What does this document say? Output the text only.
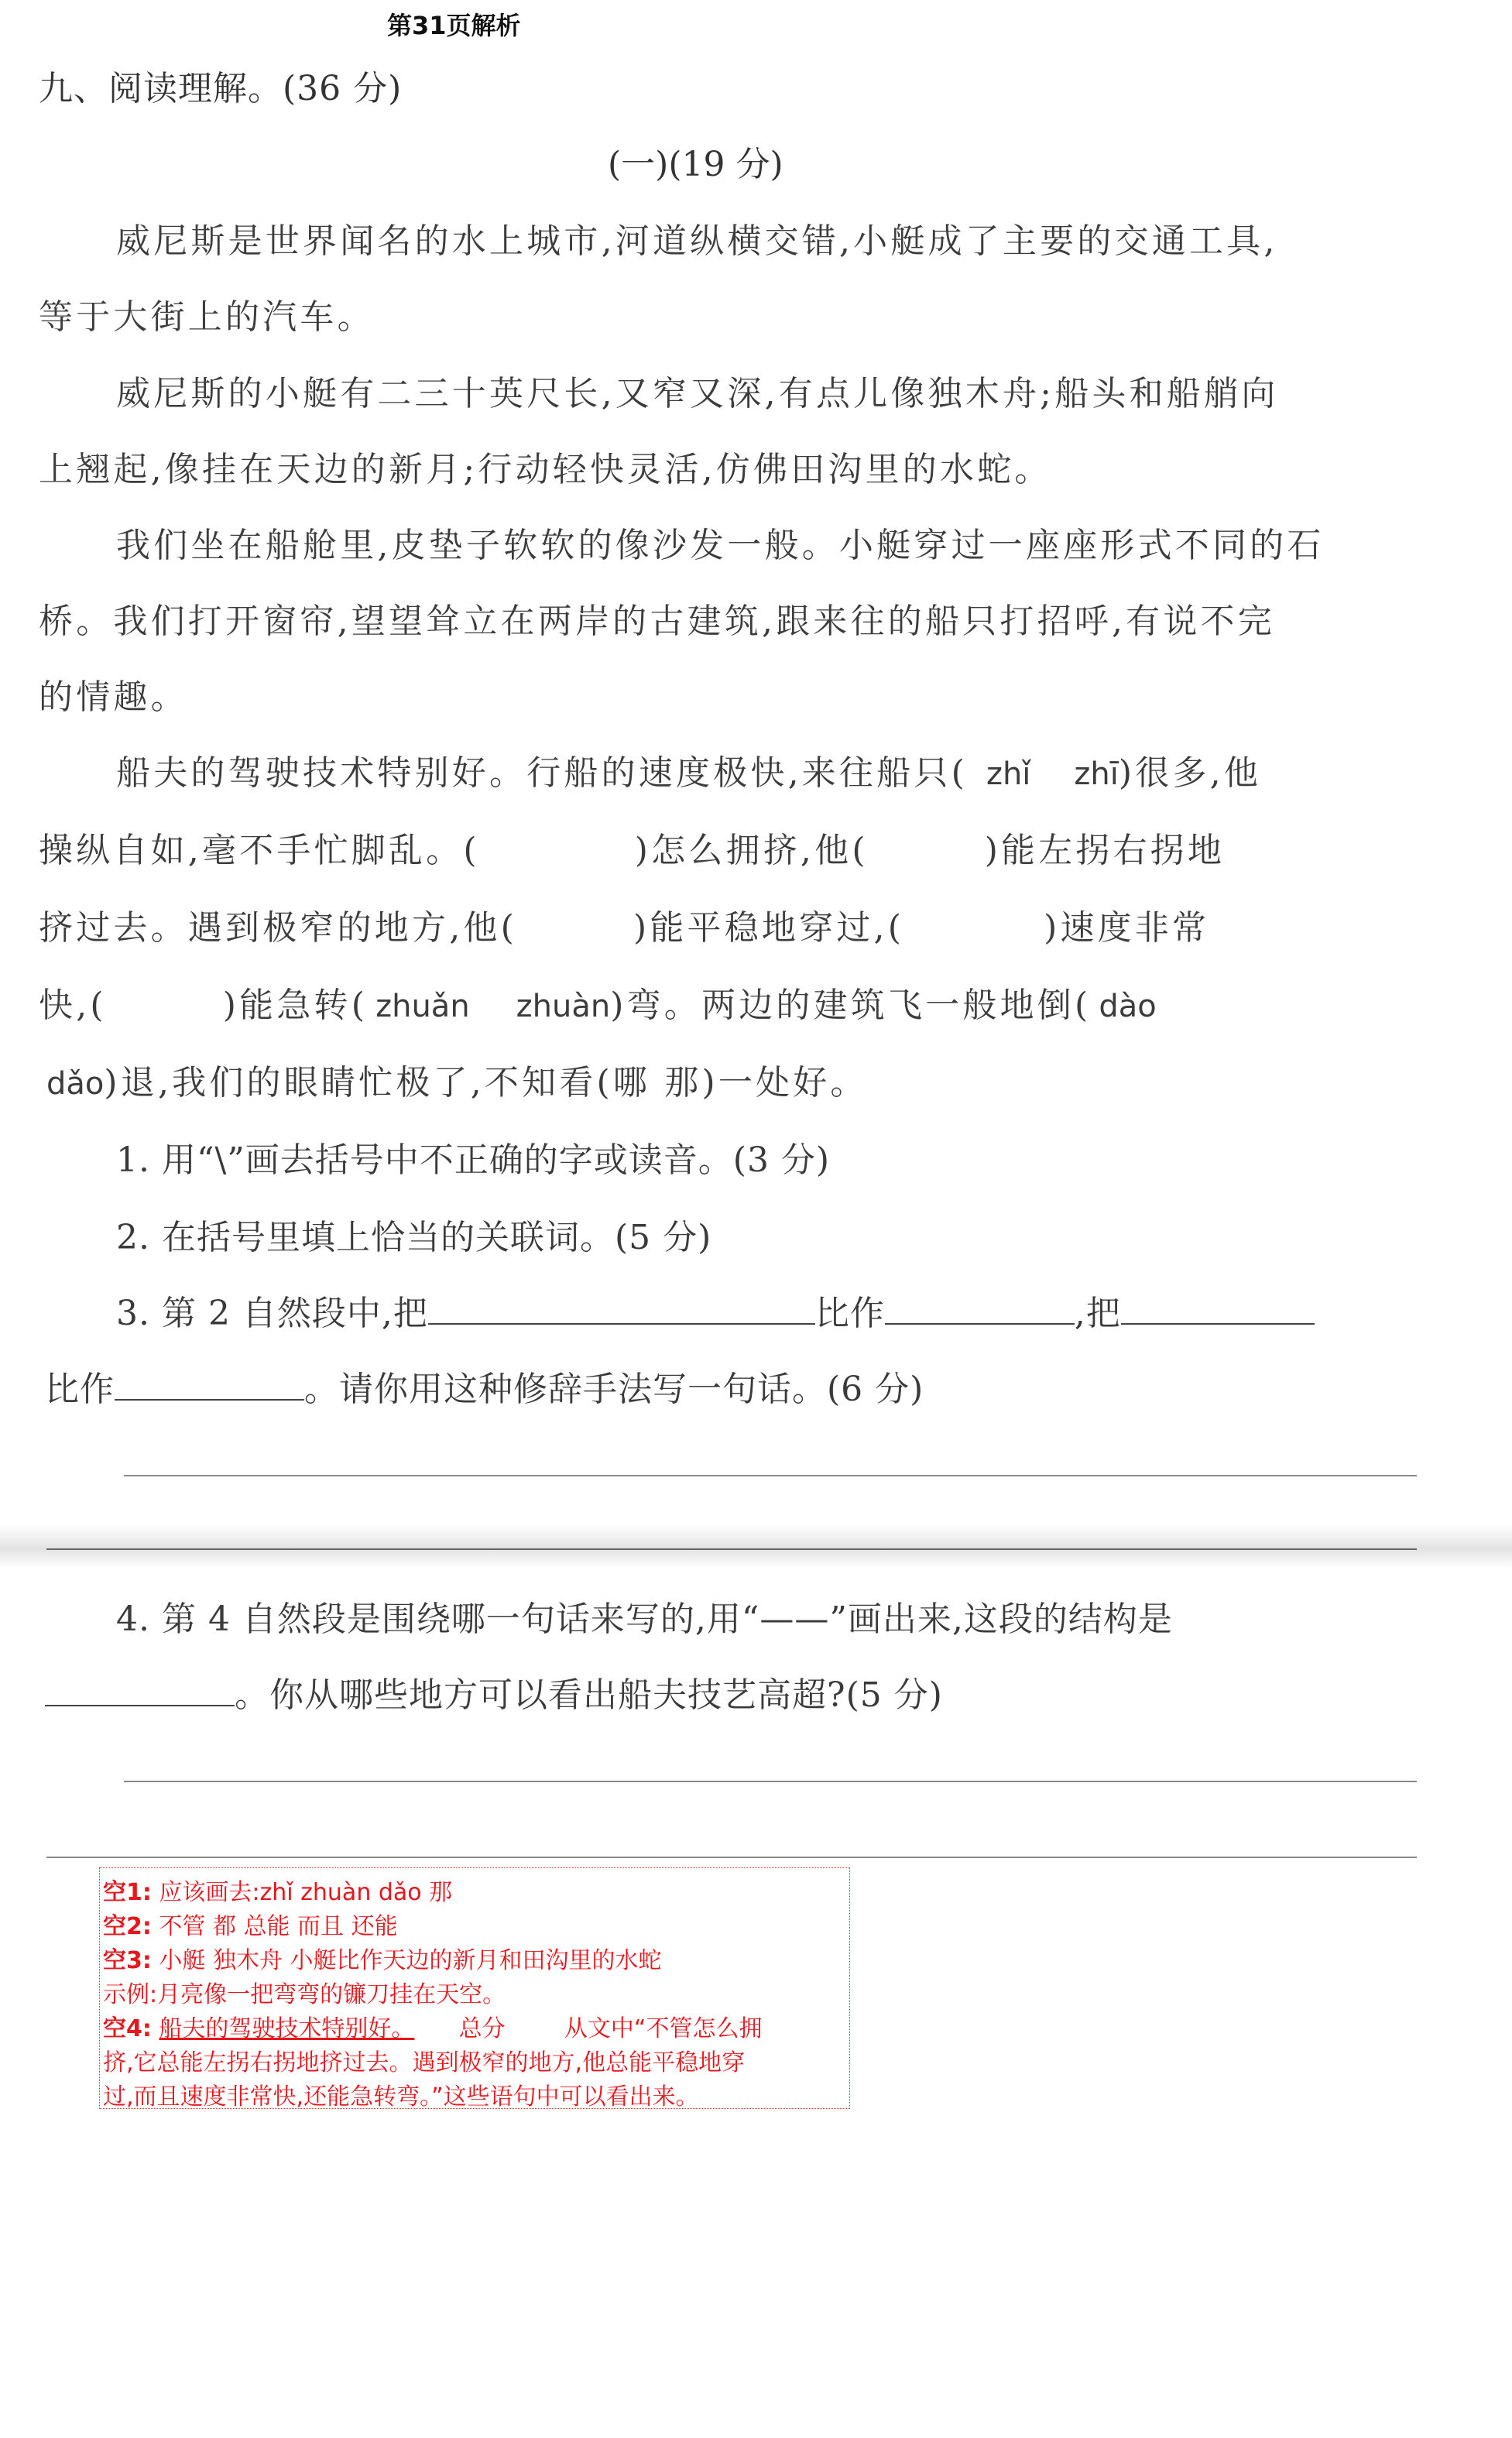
第31页解析
九、阅读理解。(36 分)
(一)(19 分)
威尼斯是世界闻名的水上城市,河道纵横交错,小艇成了主要的交通工具,
等于大街上的汽车。
威尼斯的小艇有二三十英尺长,又窄又深,有点儿像独木舟;船头和船艄向
上翘起,像挂在天边的新月;行动轻快灵活,仿佛田沟里的水蛇。
我们坐在船舱里,皮垫子软软的像沙发一般。小艇穿过一座座形式不同的石
桥。我们打开窗帘,望望耸立在两岸的古建筑,跟来往的船只打招呼,有说不完
的情趣。
船夫的驾驶技术特别好。行船的速度极快,来往船只( zhǐ zhī)很多,他
操纵自如,毫不手忙脚乱。(	)怎么拥挤,他(	)能左拐右拐地
挤过去。遇到极窄的地方,他(	)能平稳地穿过,(	)速度非常
快,(	)能急转( zhuǎn zhuàn)弯。两边的建筑飞一般地倒( dào
dǎo)退,我们的眼睛忙极了,不知看(哪 那)一处好。
1. 用“\”画去括号中不正确的字或读音。(3 分)
2. 在括号里填上恰当的关联词。(5 分)
3. 第 2 自然段中,把	比作	,把
比作	。请你用这种修辞手法写一句话。(6 分)
4. 第 4 自然段是围绕哪一句话来写的,用“——”画出来,这段的结构是
。你从哪些地方可以看出船夫技艺高超?(5 分)
空1: 应该画去:zhǐ zhuàn dǎo 那
空2: 不管 都 总能 而且 还能
空3: 小艇 独木舟 小艇比作天边的新月和田沟里的水蛇
示例:月亮像一把弯弯的镰刀挂在天空。
空4: 船夫的驾驶技术特别好。      总分        从文中“不管怎么拥
挤,它总能左拐右拐地挤过去。遇到极窄的地方,他总能平稳地穿
过,而且速度非常快,还能急转弯。”这些语句中可以看出来。
